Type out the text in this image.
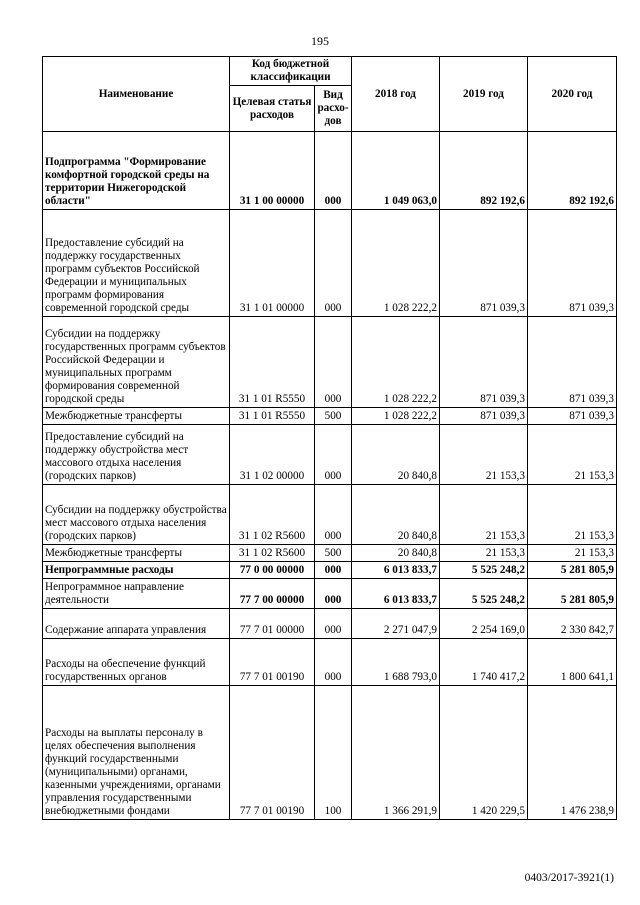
195
Наименование	Код бюджетной классификации		2018 год	2019 год	2020 год
	Целевая статья расходов	Вид расхо-дов			
Подпрограмма "Формирование комфортной городской среды на территории Нижегородской области"	31 1 00 00000	000	1 049 063,0	892 192,6	892 192,6
Предоставление субсидий на поддержку государственных программ субъектов Российской Федерации и муниципальных программ формирования современной городской среды	31 1 01 00000	000	1 028 222,2	871 039,3	871 039,3
Субсидии на поддержку государственных программ субъектов Российской Федерации и муниципальных программ формирования современной городской среды	31 1 01 R5550	000	1 028 222,2	871 039,3	871 039,3
Межбюджетные трансферты	31 1 01 R5550	500	1 028 222,2	871 039,3	871 039,3
Предоставление субсидий на поддержку обустройства мест массового отдыха населения (городских парков)	31 1 02 00000	000	20 840,8	21 153,3	21 153,3
Субсидии на поддержку обустройства мест массового отдыха населения (городских парков)	31 1 02 R5600	000	20 840,8	21 153,3	21 153,3
Межбюджетные трансферты	31 1 02 R5600	500	20 840,8	21 153,3	21 153,3
Непрограммные расходы	77 0 00 00000	000	6 013 833,7	5 525 248,2	5 281 805,9
Непрограммное направление деятельности	77 7 00 00000	000	6 013 833,7	5 525 248,2	5 281 805,9
Содержание аппарата управления	77 7 01 00000	000	2 271 047,9	2 254 169,0	2 330 842,7
Расходы на обеспечение функций государственных органов	77 7 01 00190	000	1 688 793,0	1 740 417,2	1 800 641,1
Расходы на выплаты персоналу в целях обеспечения выполнения функций государственными (муниципальными) органами, казенными учреждениями, органами управления государственными внебюджетными фондами	77 7 01 00190	100	1 366 291,9	1 420 229,5	1 476 238,9
0403/2017-3921(1)
